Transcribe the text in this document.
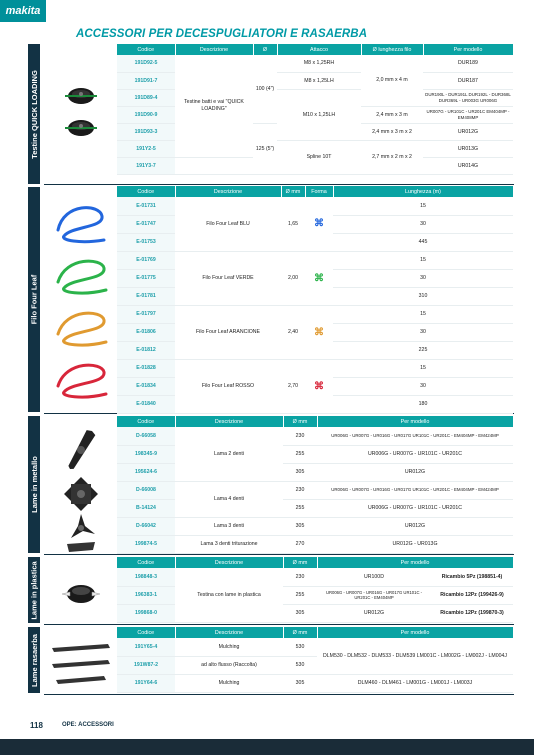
makita
ACCESSORI PER DECESPUGLIATORI E RASAERBA
Testine QUICK LOADING
Codice	Descrizione	Ø	Attacco	Ø lunghezza filo	Per modello
191D92-5	Testine batti e vai "QUICK LOADING"	100 (4")	M8 x 1,25RH	2,0 mm x 4 m	DUR189
191D91-7			M8 x 1,25LH		DUR187
191D89-4			M10 x 1,25LH		DUR190L - DUR191L DUR192L - DUR368L DUR369L - UR003G UR006G
191D90-9				2,4 mm x 3 m	UR007G - UR101C - UR201C EM404MP - EM408MP
191D93-3		125 (5")		2,4 mm x 3 m x 2	UR012G
191Y2-5			Spline 10T	2,7 mm x 2 m x 2	UR013G
191Y3-7					UR014G
Filo Four Leaf
Codice	Descrizione	Ø mm	Forma	Lunghezza (m)
E-01731	Filo Four Leaf BLU	1,65	⌘	15
E-01747				30
E-01753				445
E-01769	Filo Four Leaf VERDE	2,00	⌘	15
E-01775				30
E-01781				310
E-01797	Filo Four Leaf ARANCIONE	2,40	⌘	15
E-01806				30
E-01812				225
E-01828	Filo Four Leaf ROSSO	2,70	⌘	15
E-01834				30
E-01840				180
Lame in metallo
Codice	Descrizione	Ø mm	Per modello
D-66058	Lama 2 denti	230	UR006G - UR007G - UR016G - UR017G UR101C - UR201C - EM404MP - EM424MP
198345-9		255	UR006G - UR007G - UR101C - UR201C
195624-6		305	UR012G
D-66008	Lama 4 denti	230	UR006G - UR007G - UR016G - UR017G UR101C - UR201C - EM404MP - EM424MP
B-14124		255	UR006G - UR007G - UR101C - UR201C
D-66042	Lama 3 denti	305	UR012G
199874-5	Lama 3 denti triturazione	270	UR012G - UR013G
Lame in plastica	Codice	Descrizione	Ø mm	Per modello	
198848-3	Testina con lame in plastica	230	UR100D	Ricambio 5Pz (198851-4)
196383-1		255	UR006G - UR007G - UR016G - UR017G UR101C - UR201C - EM404MP	Ricambio 12Pz (199426-9)
199868-0		305	UR012G	Ricambio 12Pz (199870-3)
Lame rasaerba
Codice	Descrizione	Ø mm	Per modello
191Y65-4	Mulching	530	DLM530 - DLM532 - DLM533 - DLM539 LM001C - LM002G - LM002J - LM004J
191W87-2	ad alto flusso (Raccolta)	530	
191Y64-6	Mulching	305	DLM460 - DLM461 - LM001G - LM001J - LM003J
118	OPE: ACCESSORI
